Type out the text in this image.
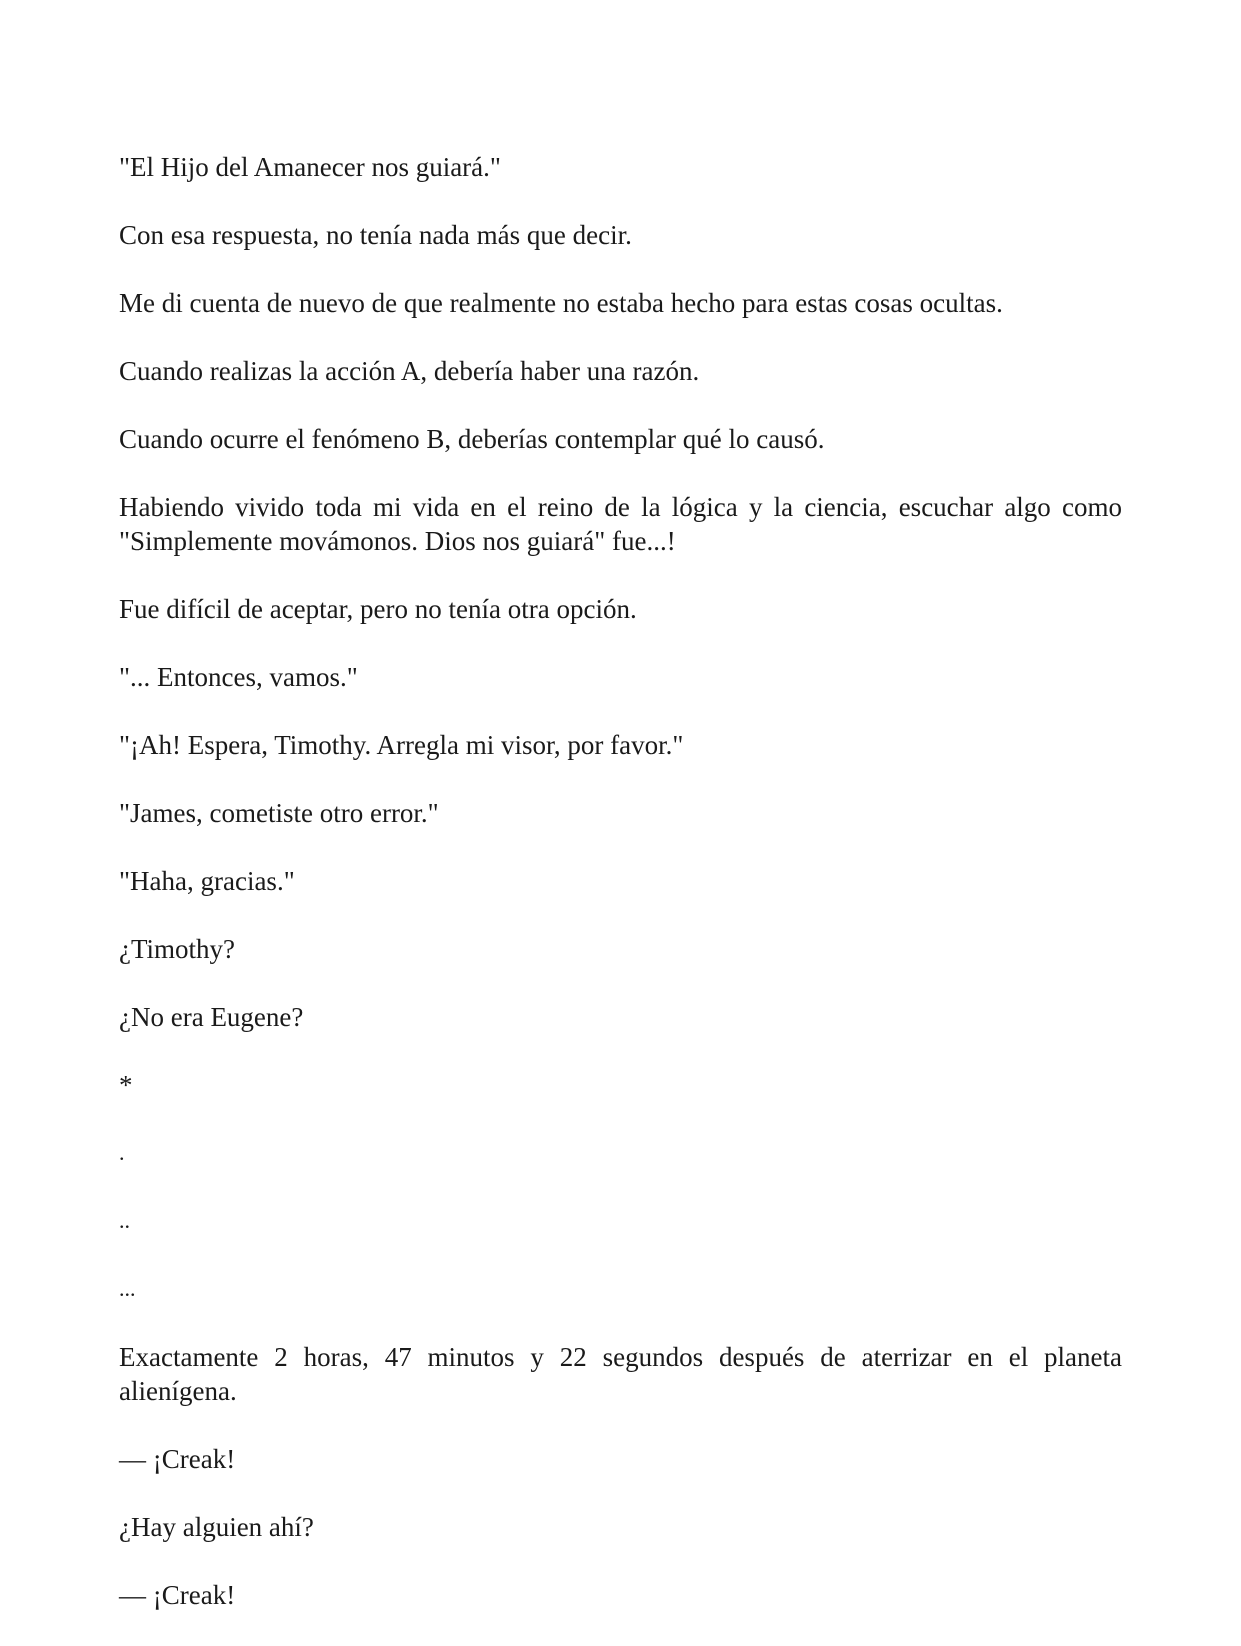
"El Hijo del Amanecer nos guiará."

Con esa respuesta, no tenía nada más que decir.

Me di cuenta de nuevo de que realmente no estaba hecho para estas cosas ocultas.

Cuando realizas la acción A, debería haber una razón.

Cuando ocurre el fenómeno B, deberías contemplar qué lo causó.

Habiendo vivido toda mi vida en el reino de la lógica y la ciencia, escuchar algo como "Simplemente movámonos. Dios nos guiará" fue...!

Fue difícil de aceptar, pero no tenía otra opción.

"... Entonces, vamos."

"¡Ah! Espera, Timothy. Arregla mi visor, por favor."

"James, cometiste otro error."

"Haha, gracias."

¿Timothy?

¿No era Eugene?

*

.

..

...

Exactamente 2 horas, 47 minutos y 22 segundos después de aterrizar en el planeta alienígena.

— ¡Creak!

¿Hay alguien ahí?

— ¡Creak!
